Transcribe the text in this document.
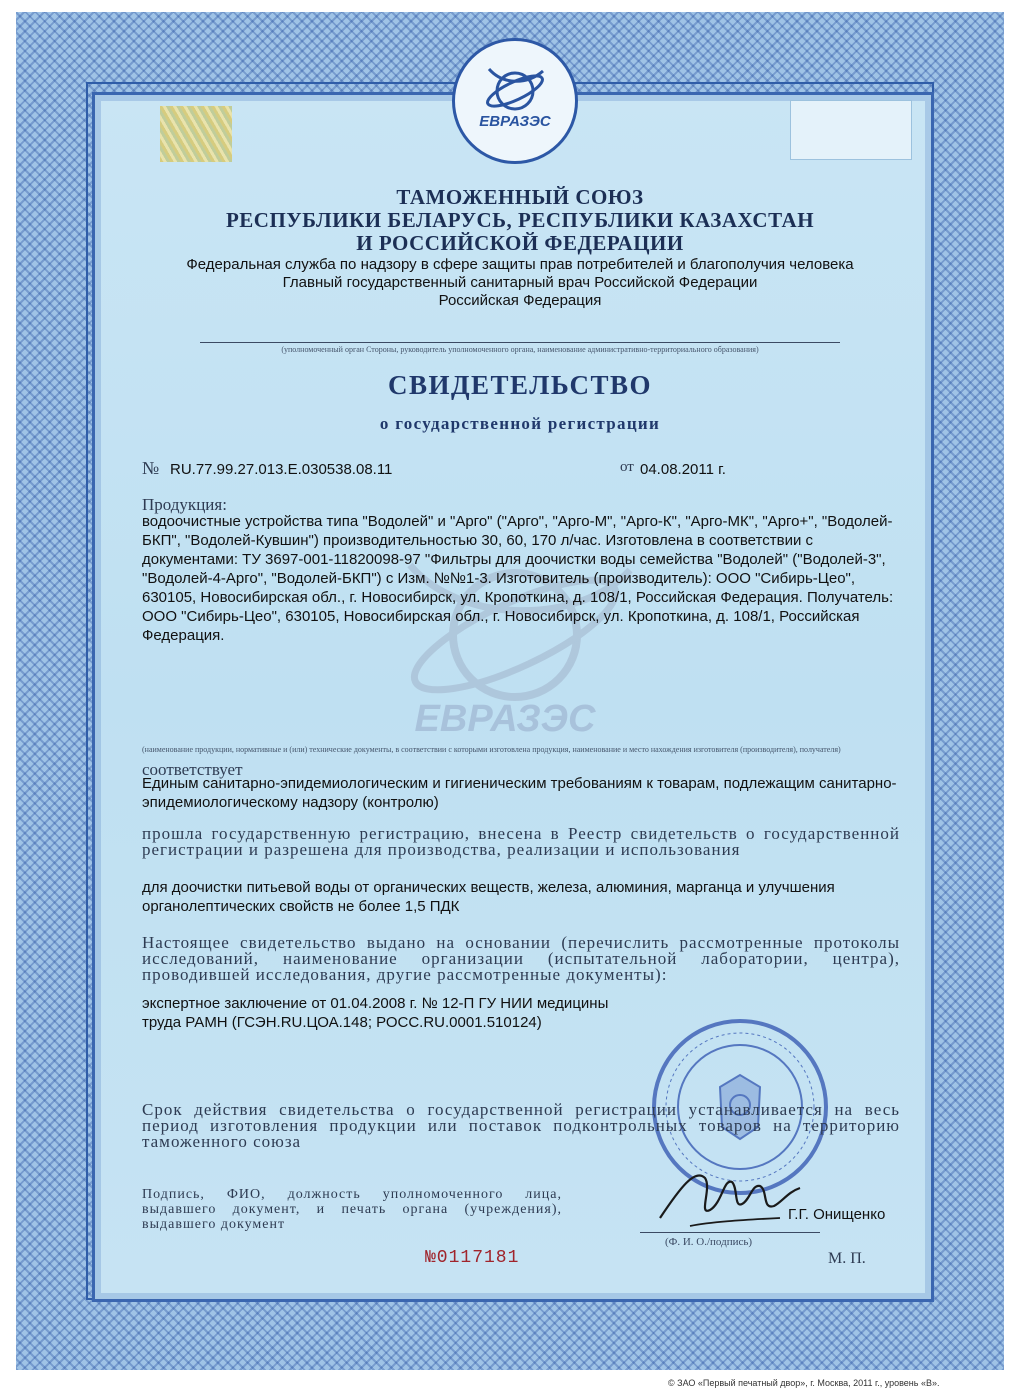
ЕВРАЗЭС
ЕВРАЗЭС
ТАМОЖЕННЫЙ СОЮЗ
РЕСПУБЛИКИ БЕЛАРУСЬ, РЕСПУБЛИКИ КАЗАХСТАН
И РОССИЙСКОЙ ФЕДЕРАЦИИ
Федеральная служба по надзору в сфере защиты прав потребителей и благополучия человека
Главный государственный санитарный врач Российской Федерации
Российская Федерация
(уполномоченный орган Стороны, руководитель уполномоченного органа, наименование административно-территориального образования)
СВИДЕТЕЛЬСТВО
о государственной регистрации
№ RU.77.99.27.013.Е.030538.08.11	от 04.08.2011 г.
Продукция:
водоочистные устройства типа "Водолей" и "Арго" ("Арго", "Арго-М", "Арго-К", "Арго-МК", "Арго+", "Водолей-БКП", "Водолей-Кувшин") производительностью 30, 60, 170 л/час. Изготовлена в соответствии с документами: ТУ 3697-001-11820098-97 "Фильтры для доочистки воды семейства "Водолей" ("Водолей-3", "Водолей-4-Арго", "Водолей-БКП") с Изм. №№1-3. Изготовитель (производитель): ООО "Сибирь-Цео", 630105, Новосибирская обл., г. Новосибирск, ул. Кропоткина, д. 108/1, Российская Федерация. Получатель: ООО "Сибирь-Цео", 630105, Новосибирская обл., г. Новосибирск, ул. Кропоткина, д. 108/1, Российская Федерация.
(наименование продукции, нормативные и (или) технические документы, в соответствии с которыми изготовлена продукция, наименование и место нахождения изготовителя (производителя), получателя)
соответствует
Единым санитарно-эпидемиологическим и гигиеническим требованиям к товарам, подлежащим санитарно-эпидемиологическому надзору (контролю)
прошла государственную регистрацию, внесена в Реестр свидетельств о государственной регистрации и разрешена для производства, реализации и использования
для доочистки питьевой воды от органических веществ, железа, алюминия, марганца и улучшения органолептических свойств не более 1,5 ПДК
Настоящее свидетельство выдано на основании (перечислить рассмотренные протоколы исследований, наименование организации (испытательной лаборатории, центра), проводившей исследования, другие рассмотренные документы):
экспертное заключение от 01.04.2008 г. № 12-П ГУ НИИ медицины труда РАМН (ГСЭН.RU.ЦОА.148; РОСС.RU.0001.510124)
Срок действия свидетельства о государственной регистрации устанавливается на весь период изготовления продукции или поставок подконтрольных товаров на территорию таможенного союза
Подпись, ФИО, должность уполномоченного лица, выдавшего документ, и печать органа (учреждения), выдавшего документ
Г.Г. Онищенко
(Ф. И. О./подпись)
№0117181	М. П.
© ЗАО «Первый печатный двор», г. Москва, 2011 г., уровень «В».
